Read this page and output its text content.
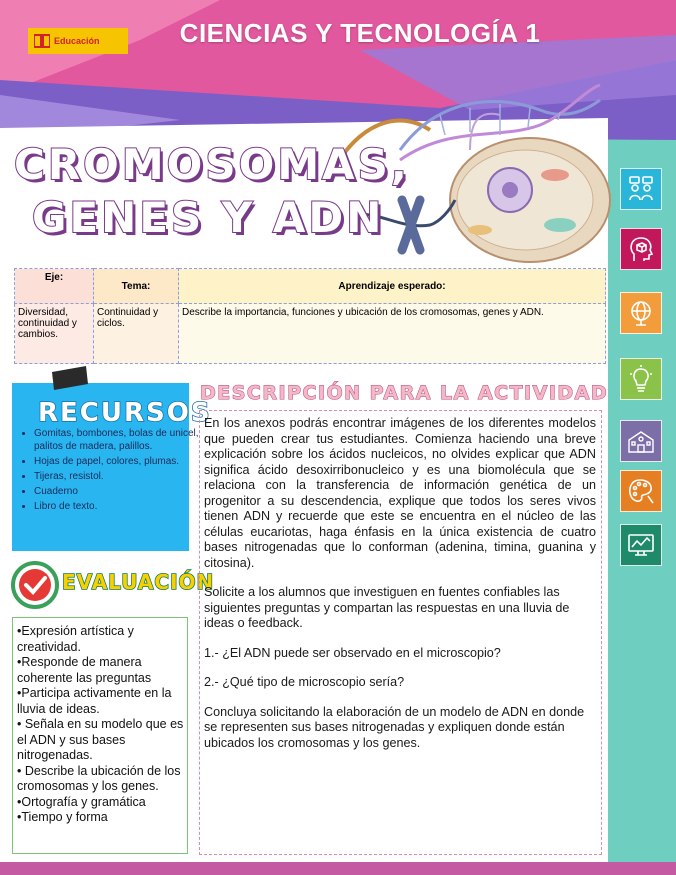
Educación	CIENCIAS Y TECNOLOGÍA 1
CROMOSOMAS,
GENES Y ADN
Eje:	Tema:	Aprendizaje esperado:
Diversidad, continuidad y cambios.	Continuidad y ciclos.	Describe la importancia, funciones y ubicación de los cromosomas, genes y ADN.
RECURSOS
• Gomitas, bombones, bolas de unicel, palitos de madera, palillos.
• Hojas de papel, colores, plumas.
• Tijeras, resistol.
• Cuaderno
• Libro de texto.
EVALUACIÓN
•Expresión artística y creatividad.
•Responde de manera coherente las preguntas
•Participa activamente en la lluvia de ideas.
• Señala en su modelo que es el ADN y sus bases nitrogenadas.
• Describe la ubicación de los cromosomas y los genes.
•Ortografía y gramática
•Tiempo y forma
DESCRIPCIÓN PARA LA ACTIVIDAD

En los anexos podrás encontrar imágenes de los diferentes modelos que pueden crear tus estudiantes. Comienza haciendo una breve explicación sobre los ácidos nucleicos, no olvides explicar que ADN significa ácido desoxirribonucleico y es una biomolécula que se relaciona con la transferencia de información genética de un progenitor a su descendencia, explique que todos los seres vivos tienen ADN y recuerde que este se encuentra en el núcleo de las células eucariotas, haga énfasis en la única existencia de cuatro bases nitrogenadas que lo conforman (adenina, timina, guanina y citosina).

Solicite a los alumnos que investiguen en fuentes confiables las siguientes preguntas y compartan las respuestas en una lluvia de ideas o feedback.

1.- ¿El ADN puede ser observado en el microscopio?

2.- ¿Qué tipo de microscopio sería?

Concluya solicitando la elaboración de un modelo de ADN en donde se representen sus bases nitrogenadas y expliquen donde están ubicados los cromosomas y los genes.
